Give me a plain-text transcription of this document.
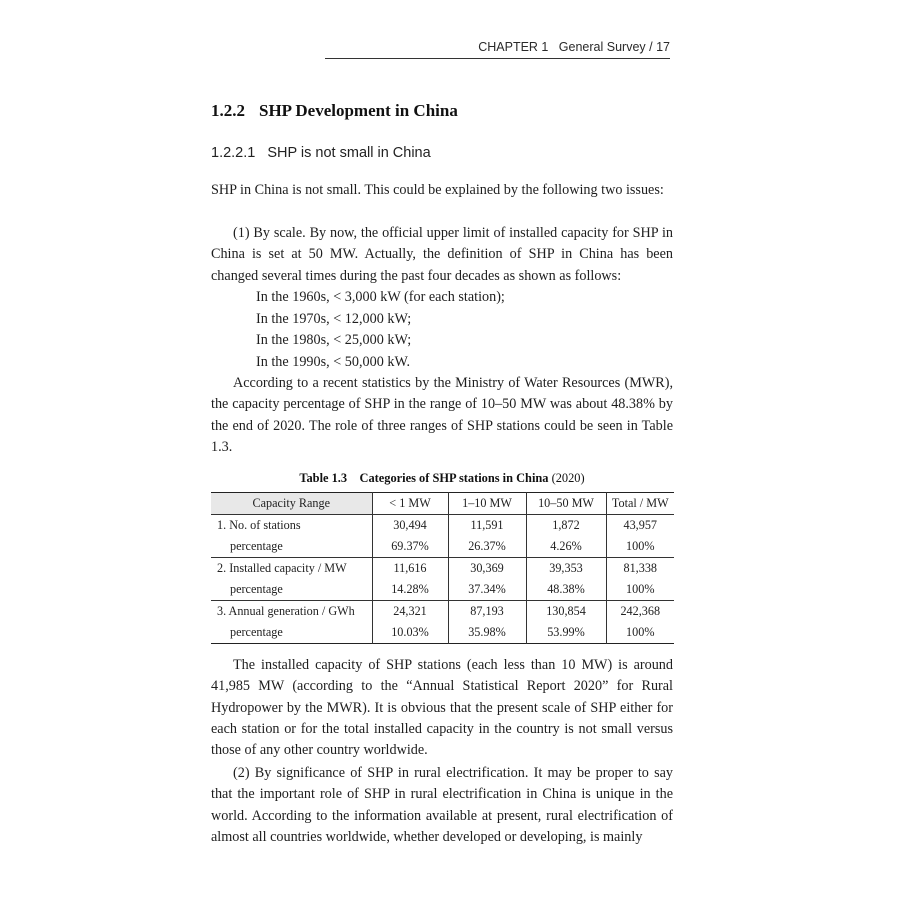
CHAPTER 1 General Survey / 17
1.2.2 SHP Development in China
1.2.2.1 SHP is not small in China
SHP in China is not small. This could be explained by the following two issues:
(1) By scale. By now, the official upper limit of installed capacity for SHP in China is set at 50 MW. Actually, the definition of SHP in China has been changed several times during the past four decades as shown as follows:
In the 1960s, < 3,000 kW (for each station);
In the 1970s, < 12,000 kW;
In the 1980s, < 25,000 kW;
In the 1990s, < 50,000 kW.
According to a recent statistics by the Ministry of Water Resources (MWR), the capacity percentage of SHP in the range of 10–50 MW was about 48.38% by the end of 2020. The role of three ranges of SHP stations could be seen in Table 1.3.
Table 1.3 Categories of SHP stations in China (2020)
Capacity Range	< 1 MW	1–10 MW	10–50 MW	Total / MW
1. No. of stations	30,494	11,591	1,872	43,957
percentage	69.37%	26.37%	4.26%	100%
2. Installed capacity / MW	11,616	30,369	39,353	81,338
percentage	14.28%	37.34%	48.38%	100%
3. Annual generation / GWh	24,321	87,193	130,854	242,368
percentage	10.03%	35.98%	53.99%	100%
The installed capacity of SHP stations (each less than 10 MW) is around 41,985 MW (according to the “Annual Statistical Report 2020” for Rural Hydropower by the MWR). It is obvious that the present scale of SHP either for each station or for the total installed capacity in the country is not small versus those of any other country worldwide.
(2) By significance of SHP in rural electrification. It may be proper to say that the important role of SHP in rural electrification in China is unique in the world. According to the information available at present, rural electrification of almost all countries worldwide, whether developed or developing, is mainly
